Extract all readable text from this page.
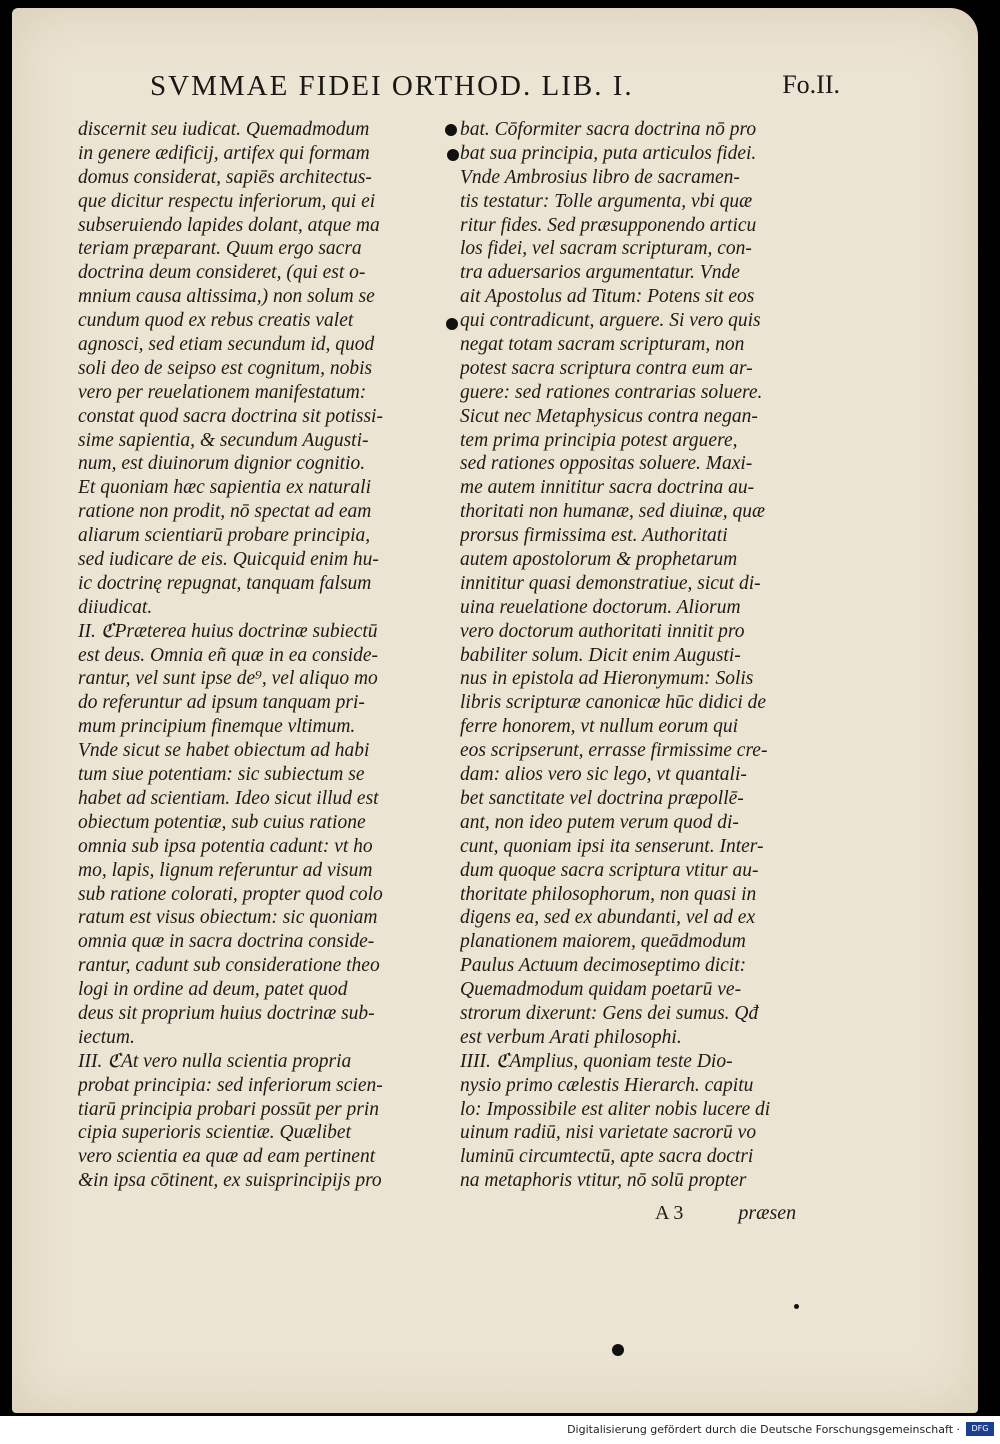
SVMMAE FIDEI ORTHOD. LIB. I.	Fo.II.
discernit seu iudicat. Quemadmodum
in genere ædificij, artifex qui formam
domus considerat, sapiēs architectus-
que dicitur respectu inferiorum, qui ei
subseruiendo lapides dolant, atque ma
teriam præparant. Quum ergo sacra
doctrina deum consideret, (qui est o-
mnium causa altissima,) non solum se
cundum quod ex rebus creatis valet
agnosci, sed etiam secundum id, quod
soli deo de seipso est cognitum, nobis
vero per reuelationem manifestatum:
constat quod sacra doctrina sit potissi-
sime sapientia, & secundum Augusti-
num, est diuinorum dignior cognitio.
Et quoniam hæc sapientia ex naturali
ratione non prodit, nō spectat ad eam
aliarum scientiarū probare principia,
sed iudicare de eis. Quicquid enim hu-
ic doctrinę repugnat, tanquam falsum
diiudicat.
II. ℭPræterea huius doctrinæ subiectū
est deus. Omnia eñ quæ in ea conside-
rantur, vel sunt ipse de⁹, vel aliquo mo
do referuntur ad ipsum tanquam pri-
mum principium finemque vltimum.
Vnde sicut se habet obiectum ad habi
tum siue potentiam: sic subiectum se
habet ad scientiam. Ideo sicut illud est
obiectum potentiæ, sub cuius ratione
omnia sub ipsa potentia cadunt: vt ho
mo, lapis, lignum referuntur ad visum
sub ratione colorati, propter quod colo
ratum est visus obiectum: sic quoniam
omnia quæ in sacra doctrina conside-
rantur, cadunt sub consideratione theo
logi in ordine ad deum, patet quod
deus sit proprium huius doctrinæ sub-
iectum.
III. ℭAt vero nulla scientia propria
probat principia: sed inferiorum scien-
tiarū principia probari possūt per prin
cipia superioris scientiæ. Quælibet
vero scientia ea quæ ad eam pertinent
&in ipsa cōtinent, ex suisprincipijs pro
bat. Cōformiter sacra doctrina nō pro
bat sua principia, puta articulos fidei.
Vnde Ambrosius libro de sacramen-
tis testatur: Tolle argumenta, vbi quæ
ritur fides. Sed præsupponendo articu
los fidei, vel sacram scripturam, con-
tra aduersarios argumentatur. Vnde
ait Apostolus ad Titum: Potens sit eos
qui contradicunt, arguere. Si vero quis
negat totam sacram scripturam, non
potest sacra scriptura contra eum ar-
guere: sed rationes contrarias soluere.
Sicut nec Metaphysicus contra negan-
tem prima principia potest arguere,
sed rationes oppositas soluere. Maxi-
me autem innititur sacra doctrina au-
thoritati non humanæ, sed diuinæ, quæ
prorsus firmissima est. Authoritati
autem apostolorum & prophetarum
innititur quasi demonstratiue, sicut di-
uina reuelatione doctorum. Aliorum
vero doctorum authoritati innitit pro
babiliter solum. Dicit enim Augusti-
nus in epistola ad Hieronymum: Solis
libris scripturæ canonicæ hūc didici de
ferre honorem, vt nullum eorum qui
eos scripserunt, errasse firmissime cre-
dam: alios vero sic lego, vt quantali-
bet sanctitate vel doctrina præpollē-
ant, non ideo putem verum quod di-
cunt, quoniam ipsi ita senserunt. Inter-
dum quoque sacra scriptura vtitur au-
thoritate philosophorum, non quasi in
digens ea, sed ex abundanti, vel ad ex
planationem maiorem, queādmodum
Paulus Actuum decimoseptimo dicit:
Quemadmodum quidam poetarū ve-
strorum dixerunt: Gens dei sumus. Qđ
est verbum Arati philosophi.
IIII. ℭAmplius, quoniam teste Dio-
nysio primo cælestis Hierarch. capitu
lo: Impossibile est aliter nobis lucere di
uinum radiū, nisi varietate sacrorū vo
luminū circumtectū, apte sacra doctri
na metaphoris vtitur, nō solū propter
A 3	præsen
Digitalisierung gefördert durch die Deutsche Forschungsgemeinschaft ·	DFG
